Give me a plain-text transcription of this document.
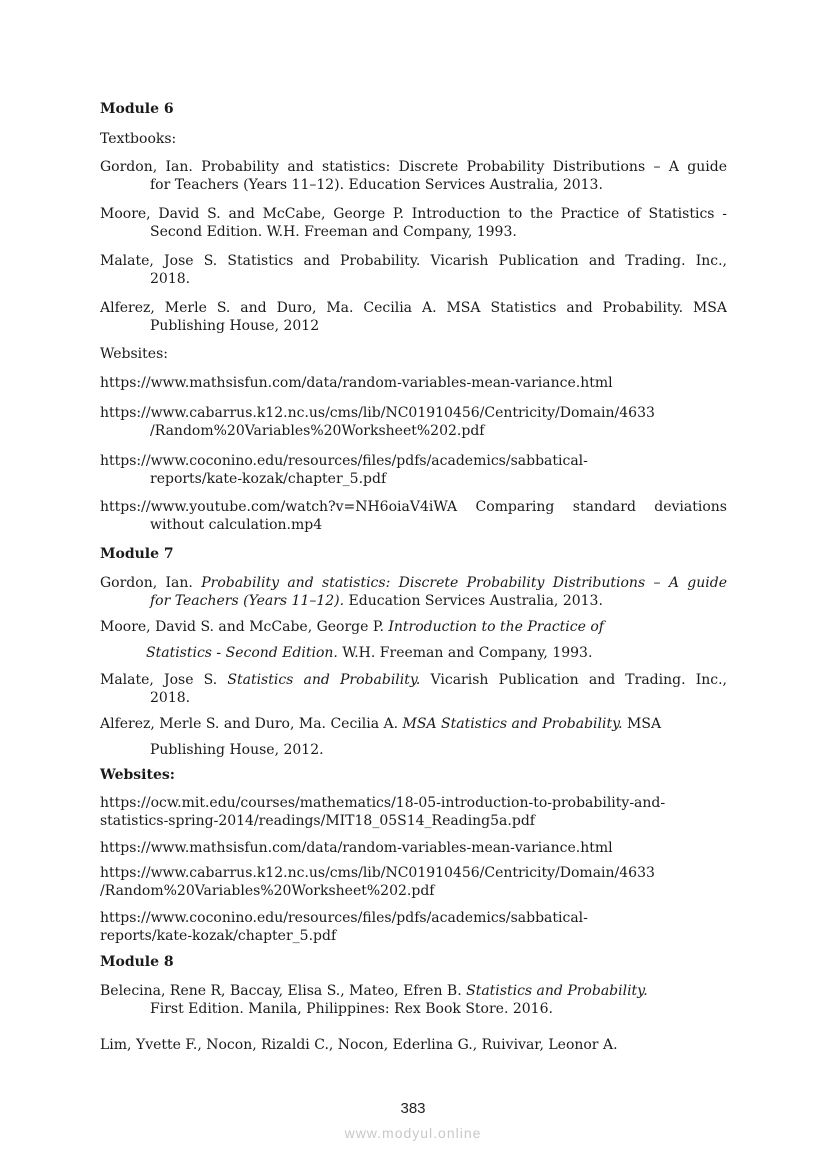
383
www.modyul.online
Module 6
Textbooks:
Gordon, Ian. Probability and statistics: Discrete Probability Distributions – A guide
for Teachers (Years 11–12). Education Services Australia, 2013.
Moore, David S. and McCabe, George P. Introduction to the Practice of Statistics -
Second Edition. W.H. Freeman and Company, 1993.
Malate, Jose S. Statistics and Probability. Vicarish Publication and Trading. Inc.,
2018.
Alferez, Merle S. and Duro, Ma. Cecilia A. MSA Statistics and Probability. MSA
Publishing House, 2012
Websites:
https://www.mathsisfun.com/data/random-variables-mean-variance.html
https://www.cabarrus.k12.nc.us/cms/lib/NC01910456/Centricity/Domain/4633
/Random%20Variables%20Worksheet%202.pdf
https://www.coconino.edu/resources/files/pdfs/academics/sabbatical-
reports/kate-kozak/chapter_5.pdf
https://www.youtube.com/watch?v=NH6oiaV4iWA Comparing standard deviations
without calculation.mp4
Module 7
Gordon, Ian. Probability and statistics: Discrete Probability Distributions – A guide
for Teachers (Years 11–12). Education Services Australia, 2013.
Moore, David S. and McCabe, George P. Introduction to the Practice of
Statistics - Second Edition. W.H. Freeman and Company, 1993.
Malate, Jose S. Statistics and Probability. Vicarish Publication and Trading. Inc.,
2018.
Alferez, Merle S. and Duro, Ma. Cecilia A. MSA Statistics and Probability. MSA
Publishing House, 2012.
Websites:
https://ocw.mit.edu/courses/mathematics/18-05-introduction-to-probability-and-
statistics-spring-2014/readings/MIT18_05S14_Reading5a.pdf
https://www.mathsisfun.com/data/random-variables-mean-variance.html
https://www.cabarrus.k12.nc.us/cms/lib/NC01910456/Centricity/Domain/4633
/Random%20Variables%20Worksheet%202.pdf
https://www.coconino.edu/resources/files/pdfs/academics/sabbatical-
reports/kate-kozak/chapter_5.pdf
Module 8
Belecina, Rene R, Baccay, Elisa S., Mateo, Efren B. Statistics and Probability.
First Edition. Manila, Philippines: Rex Book Store. 2016.
Lim, Yvette F., Nocon, Rizaldi C., Nocon, Ederlina G., Ruivivar, Leonor A.
